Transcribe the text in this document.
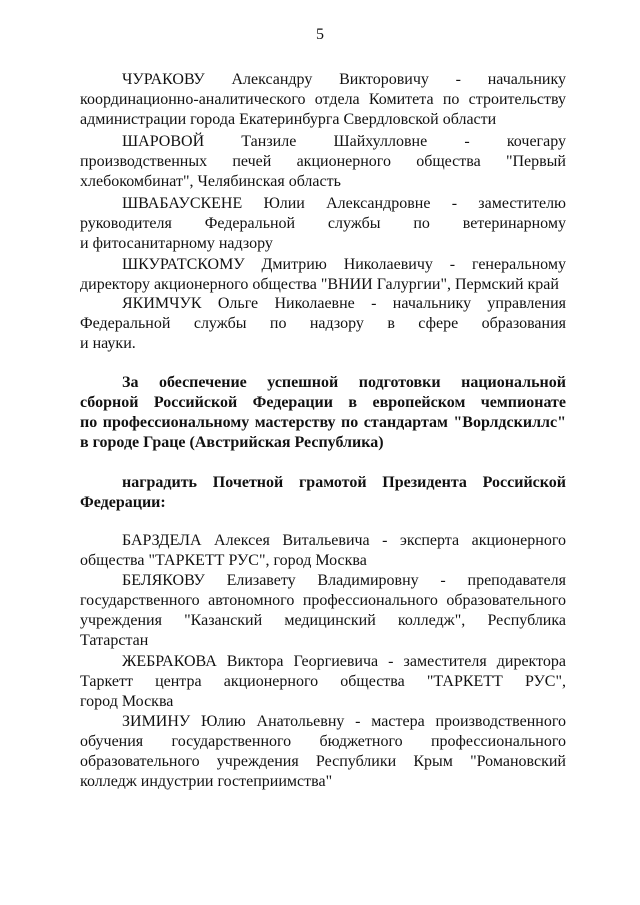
5
ЧУРАКОВУ Александру Викторовичу - начальнику
координационно-аналитического отдела Комитета по строительству
администрации города Екатеринбурга Свердловской области
ШАРОВОЙ Танзиле Шайхулловне - кочегару
производственных печей акционерного общества "Первый
хлебокомбинат", Челябинская область
ШВАБАУСКЕНЕ Юлии Александровне - заместителю
руководителя Федеральной службы по ветеринарному
и фитосанитарному надзору
ШКУРАТСКОМУ Дмитрию Николаевичу - генеральному
директору акционерного общества "ВНИИ Галургии", Пермский край
ЯКИМЧУК Ольге Николаевне - начальнику управления
Федеральной службы по надзору в сфере образования
и науки.
За обеспечение успешной подготовки национальной
сборной Российской Федерации в европейском чемпионате
по профессиональному мастерству по стандартам "Ворлдскиллс"
в городе Граце (Австрийская Республика)
наградить Почетной грамотой Президента Российской
Федерации:
БАРЗДЕЛА Алексея Витальевича - эксперта акционерного
общества "ТАРКЕТТ РУС", город Москва
БЕЛЯКОВУ Елизавету Владимировну - преподавателя
государственного автономного профессионального образовательного
учреждения "Казанский медицинский колледж", Республика
Татарстан
ЖЕБРАКОВА Виктора Георгиевича - заместителя директора
Таркетт центра акционерного общества "ТАРКЕТТ РУС",
город Москва
ЗИМИНУ Юлию Анатольевну - мастера производственного
обучения государственного бюджетного профессионального
образовательного учреждения Республики Крым "Романовский
колледж индустрии гостеприимства"
